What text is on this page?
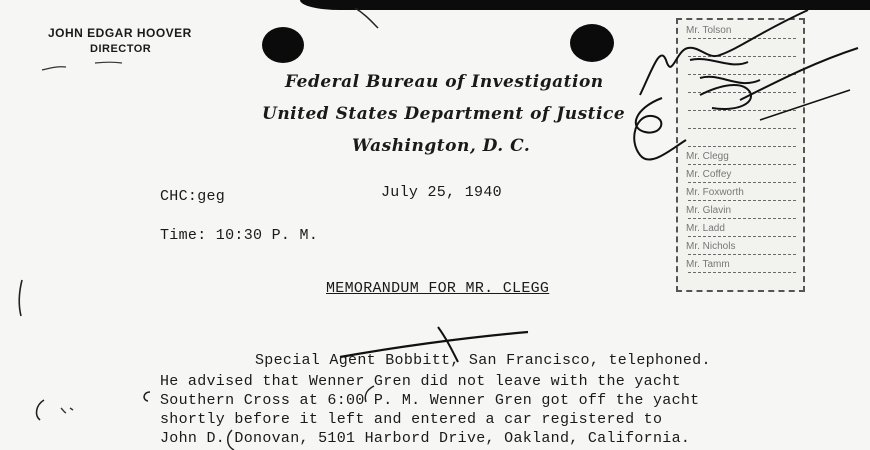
JOHN EDGAR HOOVER
DIRECTOR
Federal Bureau of Investigation
United States Department of Justice
Washington, D. C.
CHC:geg	July 25, 1940
Time: 10:30 P. M.
MEMORANDUM FOR MR. CLEGG
Special Agent Bobbitt, San Francisco, telephoned.
He advised that Wenner Gren did not leave with the yacht
Southern Cross at 6:00 P. M. Wenner Gren got off the yacht
shortly before it left and entered a car registered to
John D. Donovan, 5101 Harbord Drive, Oakland, California.
Mr. Tolson
Mr. Clegg
Mr. Coffey
Mr. Foxworth
Mr. Glavin
Mr. Ladd
Mr. Nichols
Mr. Tamm
